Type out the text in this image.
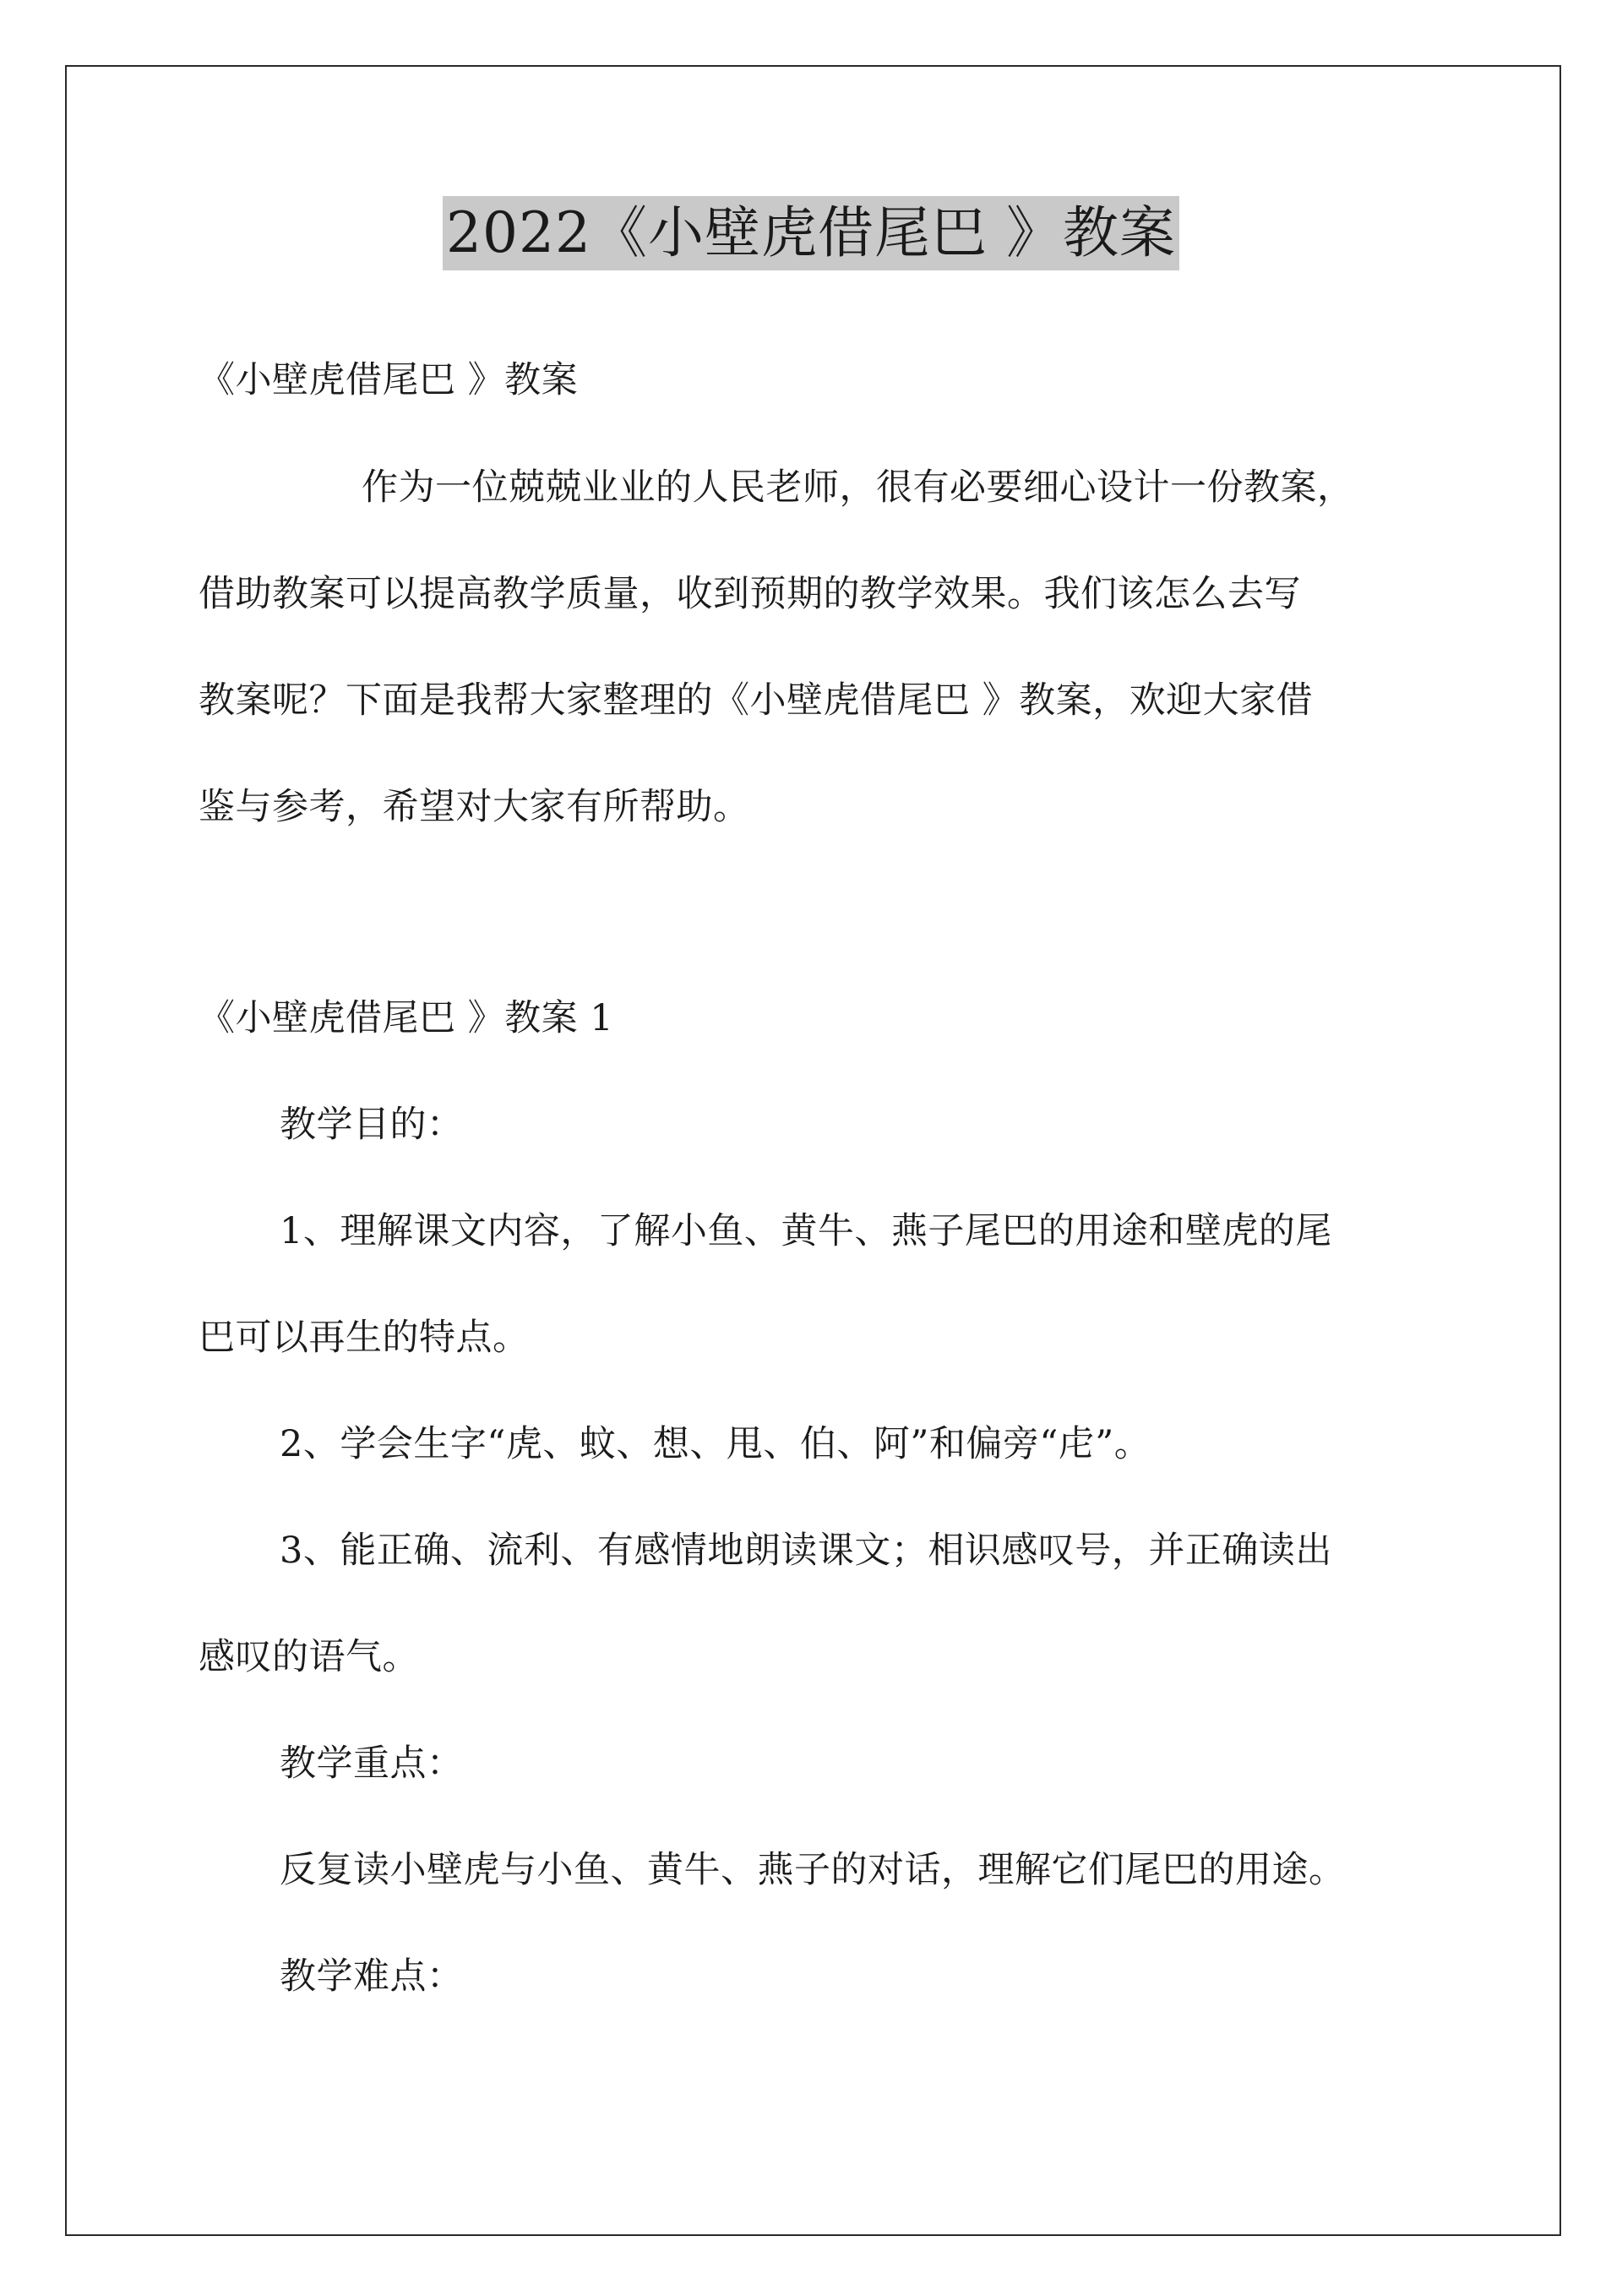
2022《小壁虎借尾巴 》教案
《小壁虎借尾巴 》教案
作为一位兢兢业业的人民老师，很有必要细心设计一份教案，
借助教案可以提高教学质量，收到预期的教学效果。我们该怎么去写
教案呢？下面是我帮大家整理的《小壁虎借尾巴 》教案，欢迎大家借
鉴与参考，希望对大家有所帮助。
《小壁虎借尾巴 》教案 1
教学目的：
1、理解课文内容，了解小鱼、黄牛、燕子尾巴的用途和壁虎的尾
巴可以再生的特点。
2、学会生字“虎、蚊、想、甩、伯、阿”和偏旁“虍”。
3、能正确、流利、有感情地朗读课文；相识感叹号，并正确读出
感叹的语气。
教学重点：
反复读小壁虎与小鱼、黄牛、燕子的对话，理解它们尾巴的用途。
教学难点：
